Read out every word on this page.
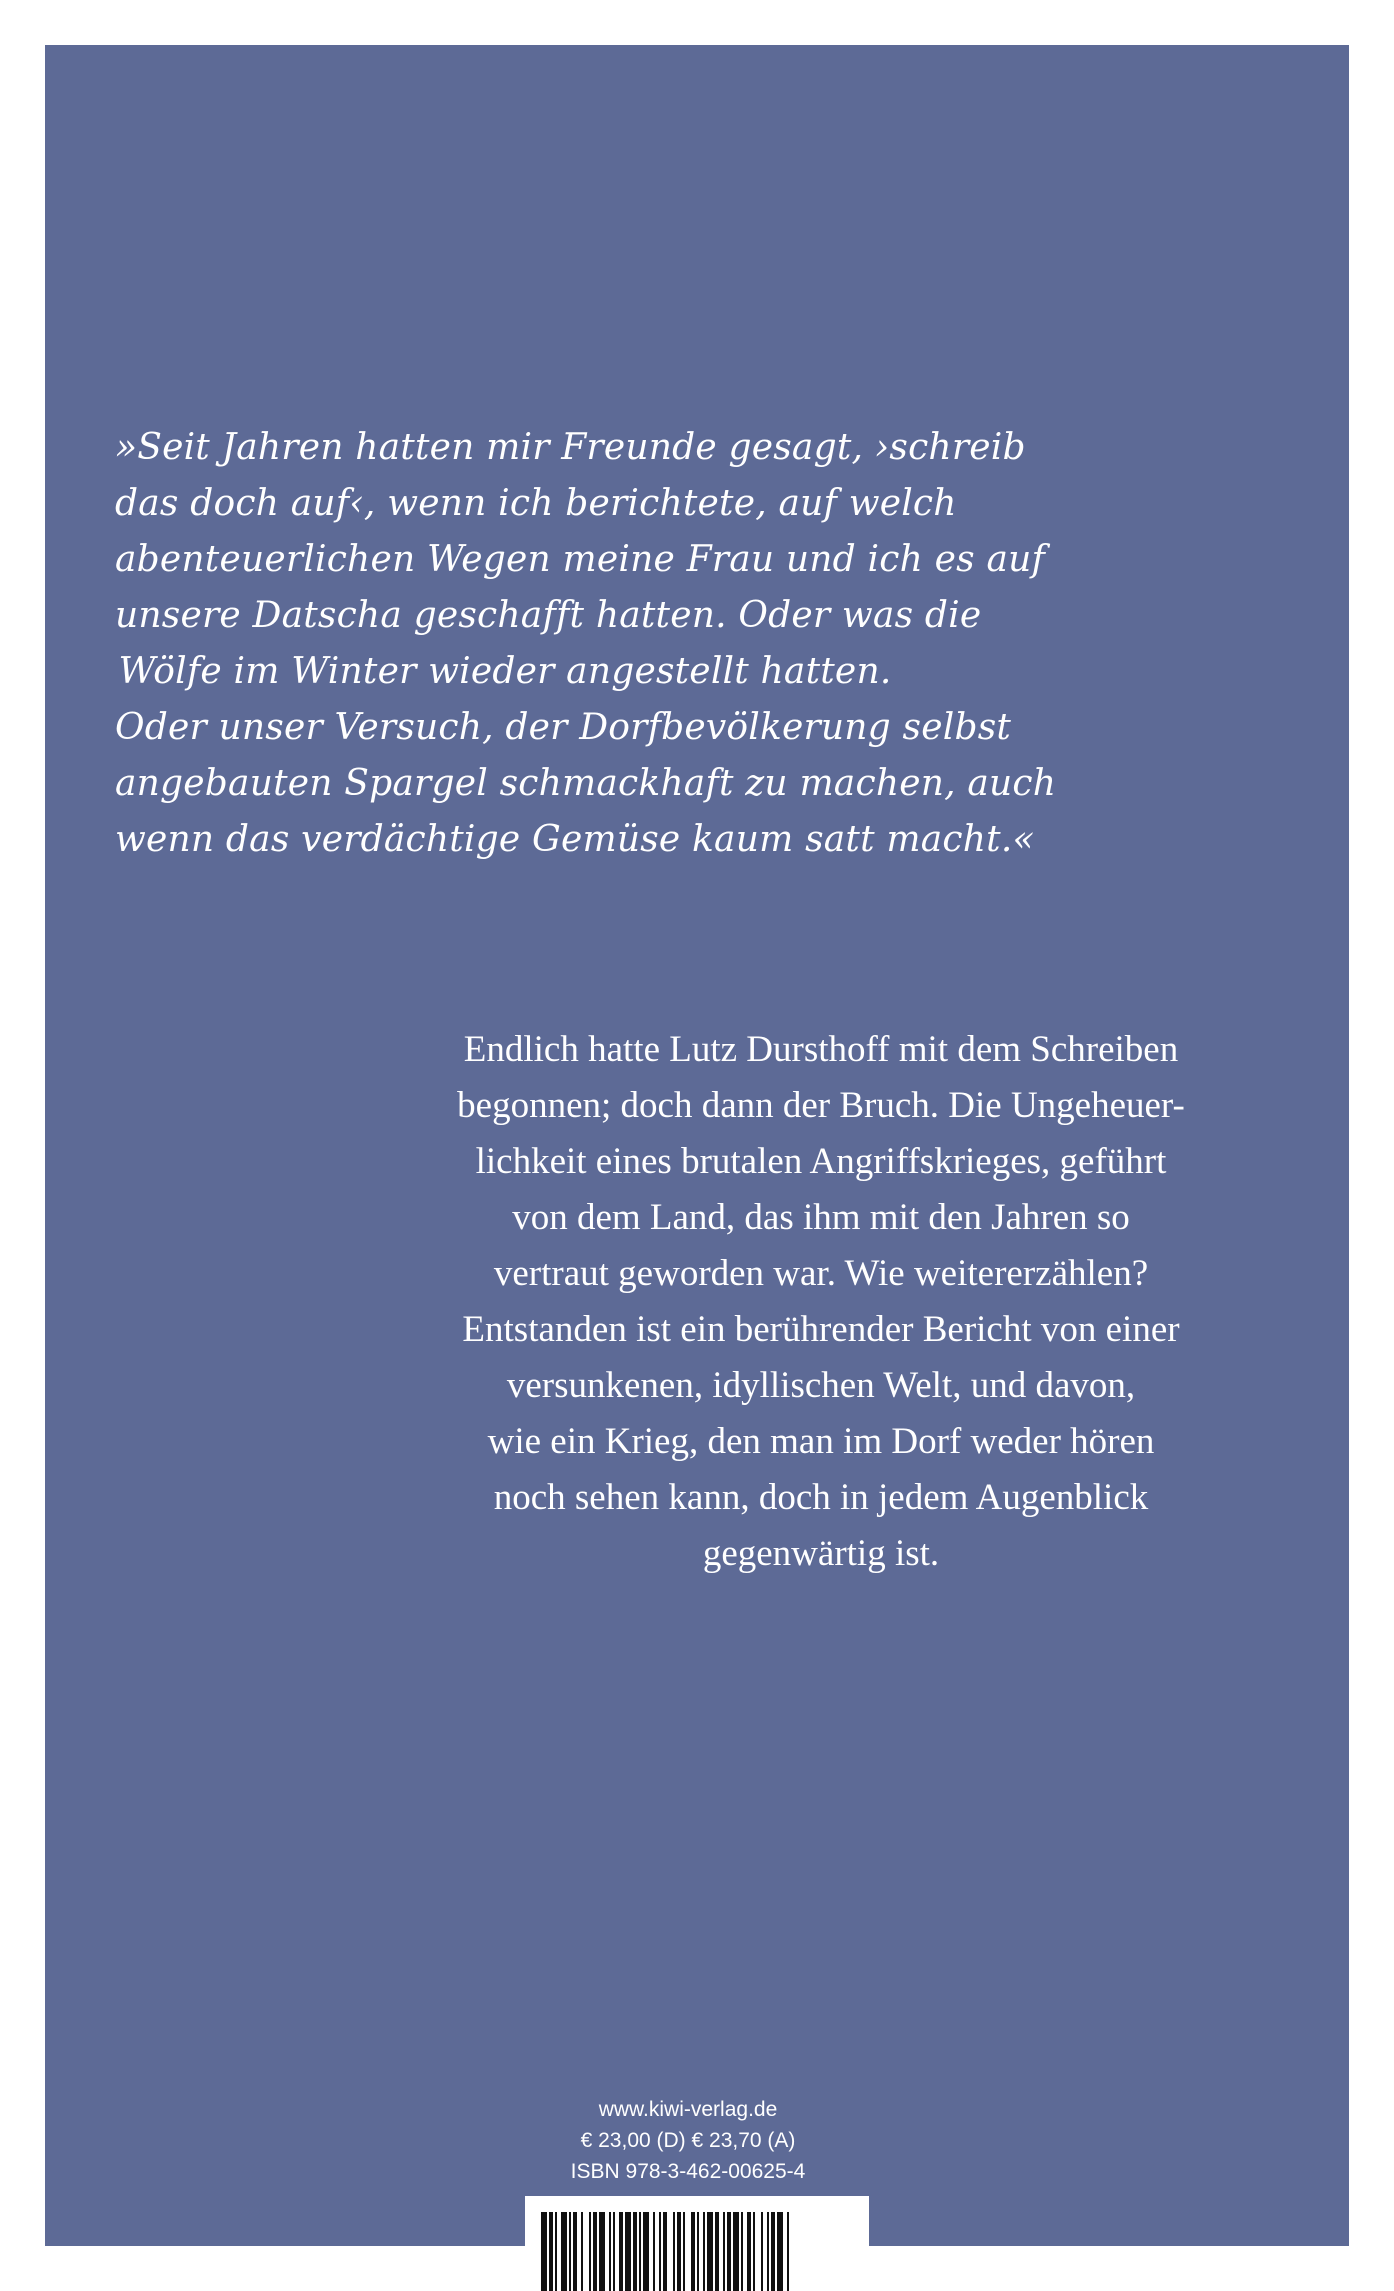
»Seit Jahren hatten mir Freunde gesagt, ›schreib
das doch auf‹, wenn ich berichtete, auf welch
abenteuerlichen Wegen meine Frau und ich es auf
unsere Datscha geschafft hatten. Oder was die
Wölfe im Winter wieder angestellt hatten.
Oder unser Versuch, der Dorfbevölkerung selbst
angebauten Spargel schmackhaft zu machen, auch
wenn das verdächtige Gemüse kaum satt macht.«
Endlich hatte Lutz Dursthoff mit dem Schreiben
begonnen; doch dann der Bruch. Die Ungeheuer-
lichkeit eines brutalen Angriffskrieges, geführt
von dem Land, das ihm mit den Jahren so
vertraut geworden war. Wie weitererzählen?
Entstanden ist ein berührender Bericht von einer
versunkenen, idyllischen Welt, und davon,
wie ein Krieg, den man im Dorf weder hören
noch sehen kann, doch in jedem Augenblick
gegenwärtig ist.
www.kiwi-verlag.de
€ 23,00 (D) € 23,70 (A)
ISBN 978-3-462-00625-4
